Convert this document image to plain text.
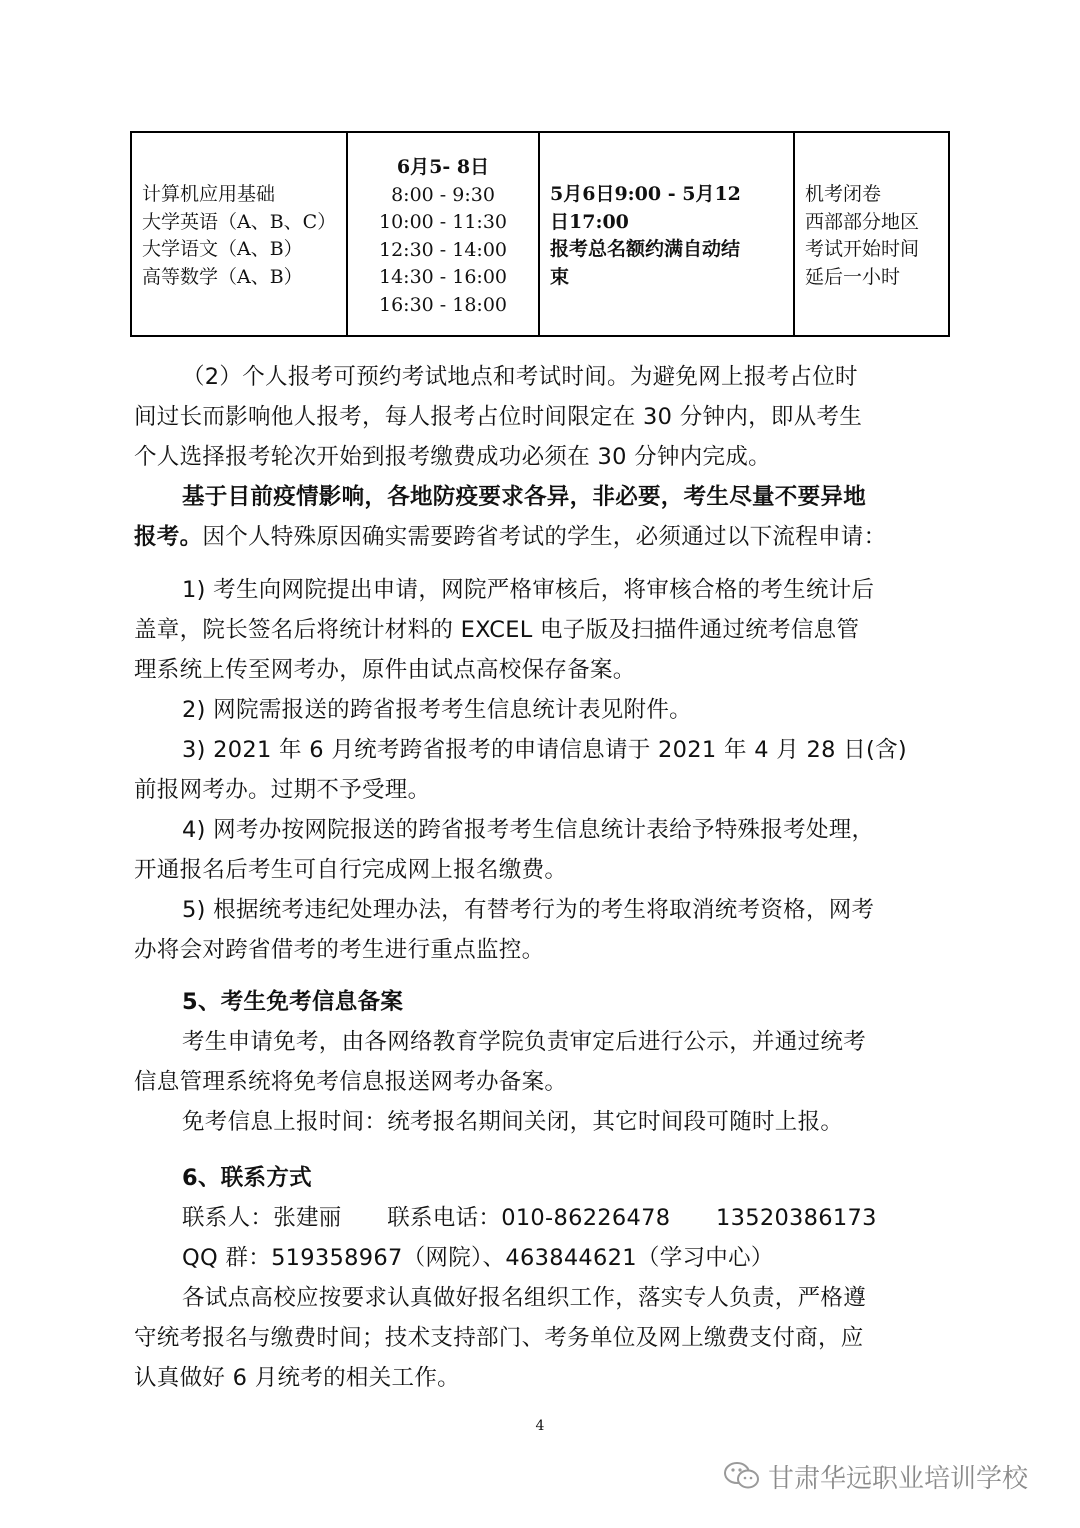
计算机应用基础
大学英语（A、B、C）
大学语文（A、B）
高等数学（A、B）
6月5- 8日
8:00 - 9:30
10:00 - 11:30
12:30 - 14:00
14:30 - 16:00
16:30 - 18:00
5月6日9:00 - 5月12
日17:00
报考总名额约满自动结
束
机考闭卷
西部部分地区
考试开始时间
延后一小时
（2）个人报考可预约考试地点和考试时间。为避免网上报考占位时
间过长而影响他人报考，每人报考占位时间限定在 30 分钟内，即从考生
个人选择报考轮次开始到报考缴费成功必须在 30 分钟内完成。
基于目前疫情影响，各地防疫要求各异，非必要，考生尽量不要异地
报考。因个人特殊原因确实需要跨省考试的学生，必须通过以下流程申请：
1) 考生向网院提出申请，网院严格审核后，将审核合格的考生统计后
盖章，院长签名后将统计材料的 EXCEL 电子版及扫描件通过统考信息管
理系统上传至网考办，原件由试点高校保存备案。
2) 网院需报送的跨省报考考生信息统计表见附件。
3) 2021 年 6 月统考跨省报考的申请信息请于 2021 年 4 月 28 日(含)
前报网考办。过期不予受理。
4) 网考办按网院报送的跨省报考考生信息统计表给予特殊报考处理，
开通报名后考生可自行完成网上报名缴费。
5) 根据统考违纪处理办法，有替考行为的考生将取消统考资格，网考
办将会对跨省借考的考生进行重点监控。
5、考生免考信息备案
考生申请免考，由各网络教育学院负责审定后进行公示，并通过统考
信息管理系统将免考信息报送网考办备案。
免考信息上报时间：统考报名期间关闭，其它时间段可随时上报。
6、联系方式
联系人：张建丽　　联系电话：010-86226478　　13520386173
QQ 群：519358967（网院）、463844621（学习中心）
各试点高校应按要求认真做好报名组织工作，落实专人负责，严格遵
守统考报名与缴费时间；技术支持部门、考务单位及网上缴费支付商，应
认真做好 6 月统考的相关工作。
4
甘肃华远职业培训学校
